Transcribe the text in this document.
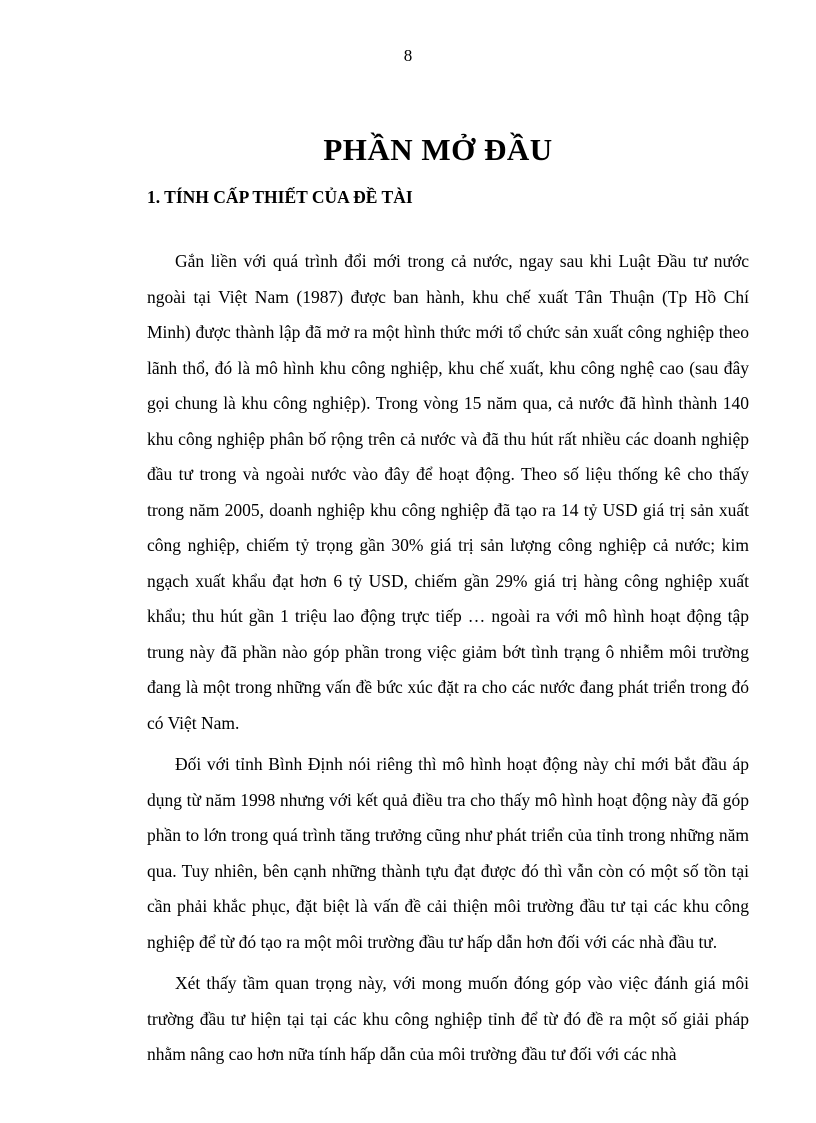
8
PHẦN MỞ ĐẦU
1. TÍNH CẤP THIẾT CỦA ĐỀ TÀI

Gắn liền với quá trình đổi mới trong cả nước, ngay sau khi Luật Đầu tư nước ngoài tại Việt Nam (1987) được ban hành, khu chế xuất Tân Thuận (Tp Hồ Chí Minh) được thành lập đã mở ra một hình thức mới tổ chức sản xuất công nghiệp theo lãnh thổ, đó là mô hình khu công nghiệp, khu chế xuất, khu công nghệ cao (sau đây gọi chung là khu công nghiệp). Trong vòng 15 năm qua, cả nước đã hình thành 140 khu công nghiệp phân bố rộng trên cả nước và đã thu hút rất nhiều các doanh nghiệp đầu tư trong và ngoài nước vào đây để hoạt động. Theo số liệu thống kê cho thấy trong năm 2005, doanh nghiệp khu công nghiệp đã tạo ra 14 tỷ USD giá trị sản xuất công nghiệp, chiếm tỷ trọng gần 30% giá trị sản lượng công nghiệp cả nước; kim ngạch xuất khẩu đạt hơn 6 tỷ USD, chiếm gần 29% giá trị hàng công nghiệp xuất khẩu; thu hút gần 1 triệu lao động trực tiếp … ngoài ra với mô hình hoạt động tập trung này đã phần nào góp phần trong việc giảm bớt tình trạng ô nhiễm môi trường đang là một trong những vấn đề bức xúc đặt ra cho các nước đang phát triển trong đó có Việt Nam.

Đối với tỉnh Bình Định nói riêng thì mô hình hoạt động này chỉ mới bắt đầu áp dụng từ năm 1998 nhưng với kết quả điều tra cho thấy mô hình hoạt động này đã góp phần to lớn trong quá trình tăng trưởng cũng như phát triển của tỉnh trong những năm qua. Tuy nhiên, bên cạnh những thành tựu đạt được đó thì vẫn còn có một số tồn tại cần phải khắc phục, đặt biệt là vấn đề cải thiện môi trường đầu tư tại các khu công nghiệp để từ đó tạo ra một môi trường đầu tư hấp dẫn hơn đối với các nhà đầu tư.

Xét thấy tầm quan trọng này, với mong muốn đóng góp vào việc đánh giá môi trường đầu tư hiện tại tại các khu công nghiệp tỉnh để từ đó đề ra một số giải pháp nhằm nâng cao hơn nữa tính hấp dẫn của môi trường đầu tư đối với các nhà
